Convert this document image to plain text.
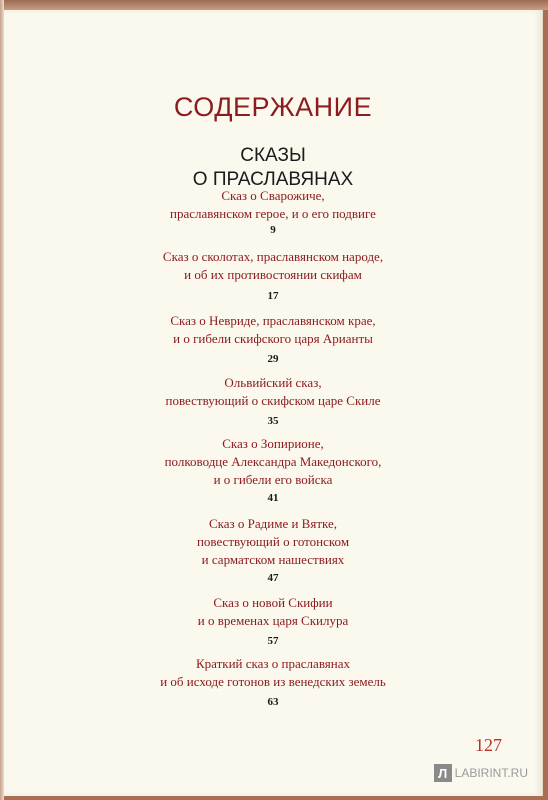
СОДЕРЖАНИЕ
СКАЗЫ
О ПРАСЛАВЯНАХ
Сказ о Сварожиче,
праславянском герое, и о его подвиге
9
Сказ о сколотах, праславянском народе,
и об их противостоянии скифам
17
Сказ о Невриде, праславянском крае,
и о гибели скифского царя Арианты
29
Ольвийский сказ,
повествующий о скифском царе Скиле
35
Сказ о Зопирионе,
полководце Александра Македонского,
и о гибели его войска
41
Сказ о Радиме и Вятке,
повествующий о готонском
и сарматском нашествиях
47
Сказ о новой Скифии
и о временах царя Скилура
57
Краткий сказ о праславянах
и об исходе готонов из венедских земель
63
127
Л LABIRINT.RU
